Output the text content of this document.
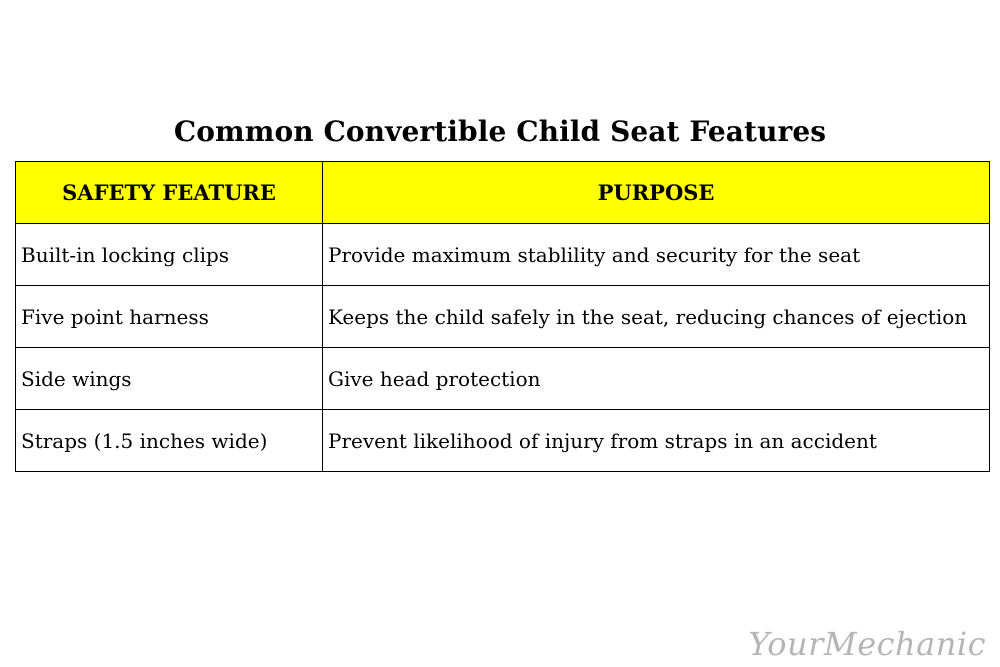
Common Convertible Child Seat Features
SAFETY FEATURE	PURPOSE
Built-in locking clips	Provide maximum stablility and security for the seat
Five point harness	Keeps the child safely in the seat, reducing chances of ejection
Side wings	Give head protection
Straps (1.5 inches wide)	Prevent likelihood of injury from straps in an accident
YourMechanic
